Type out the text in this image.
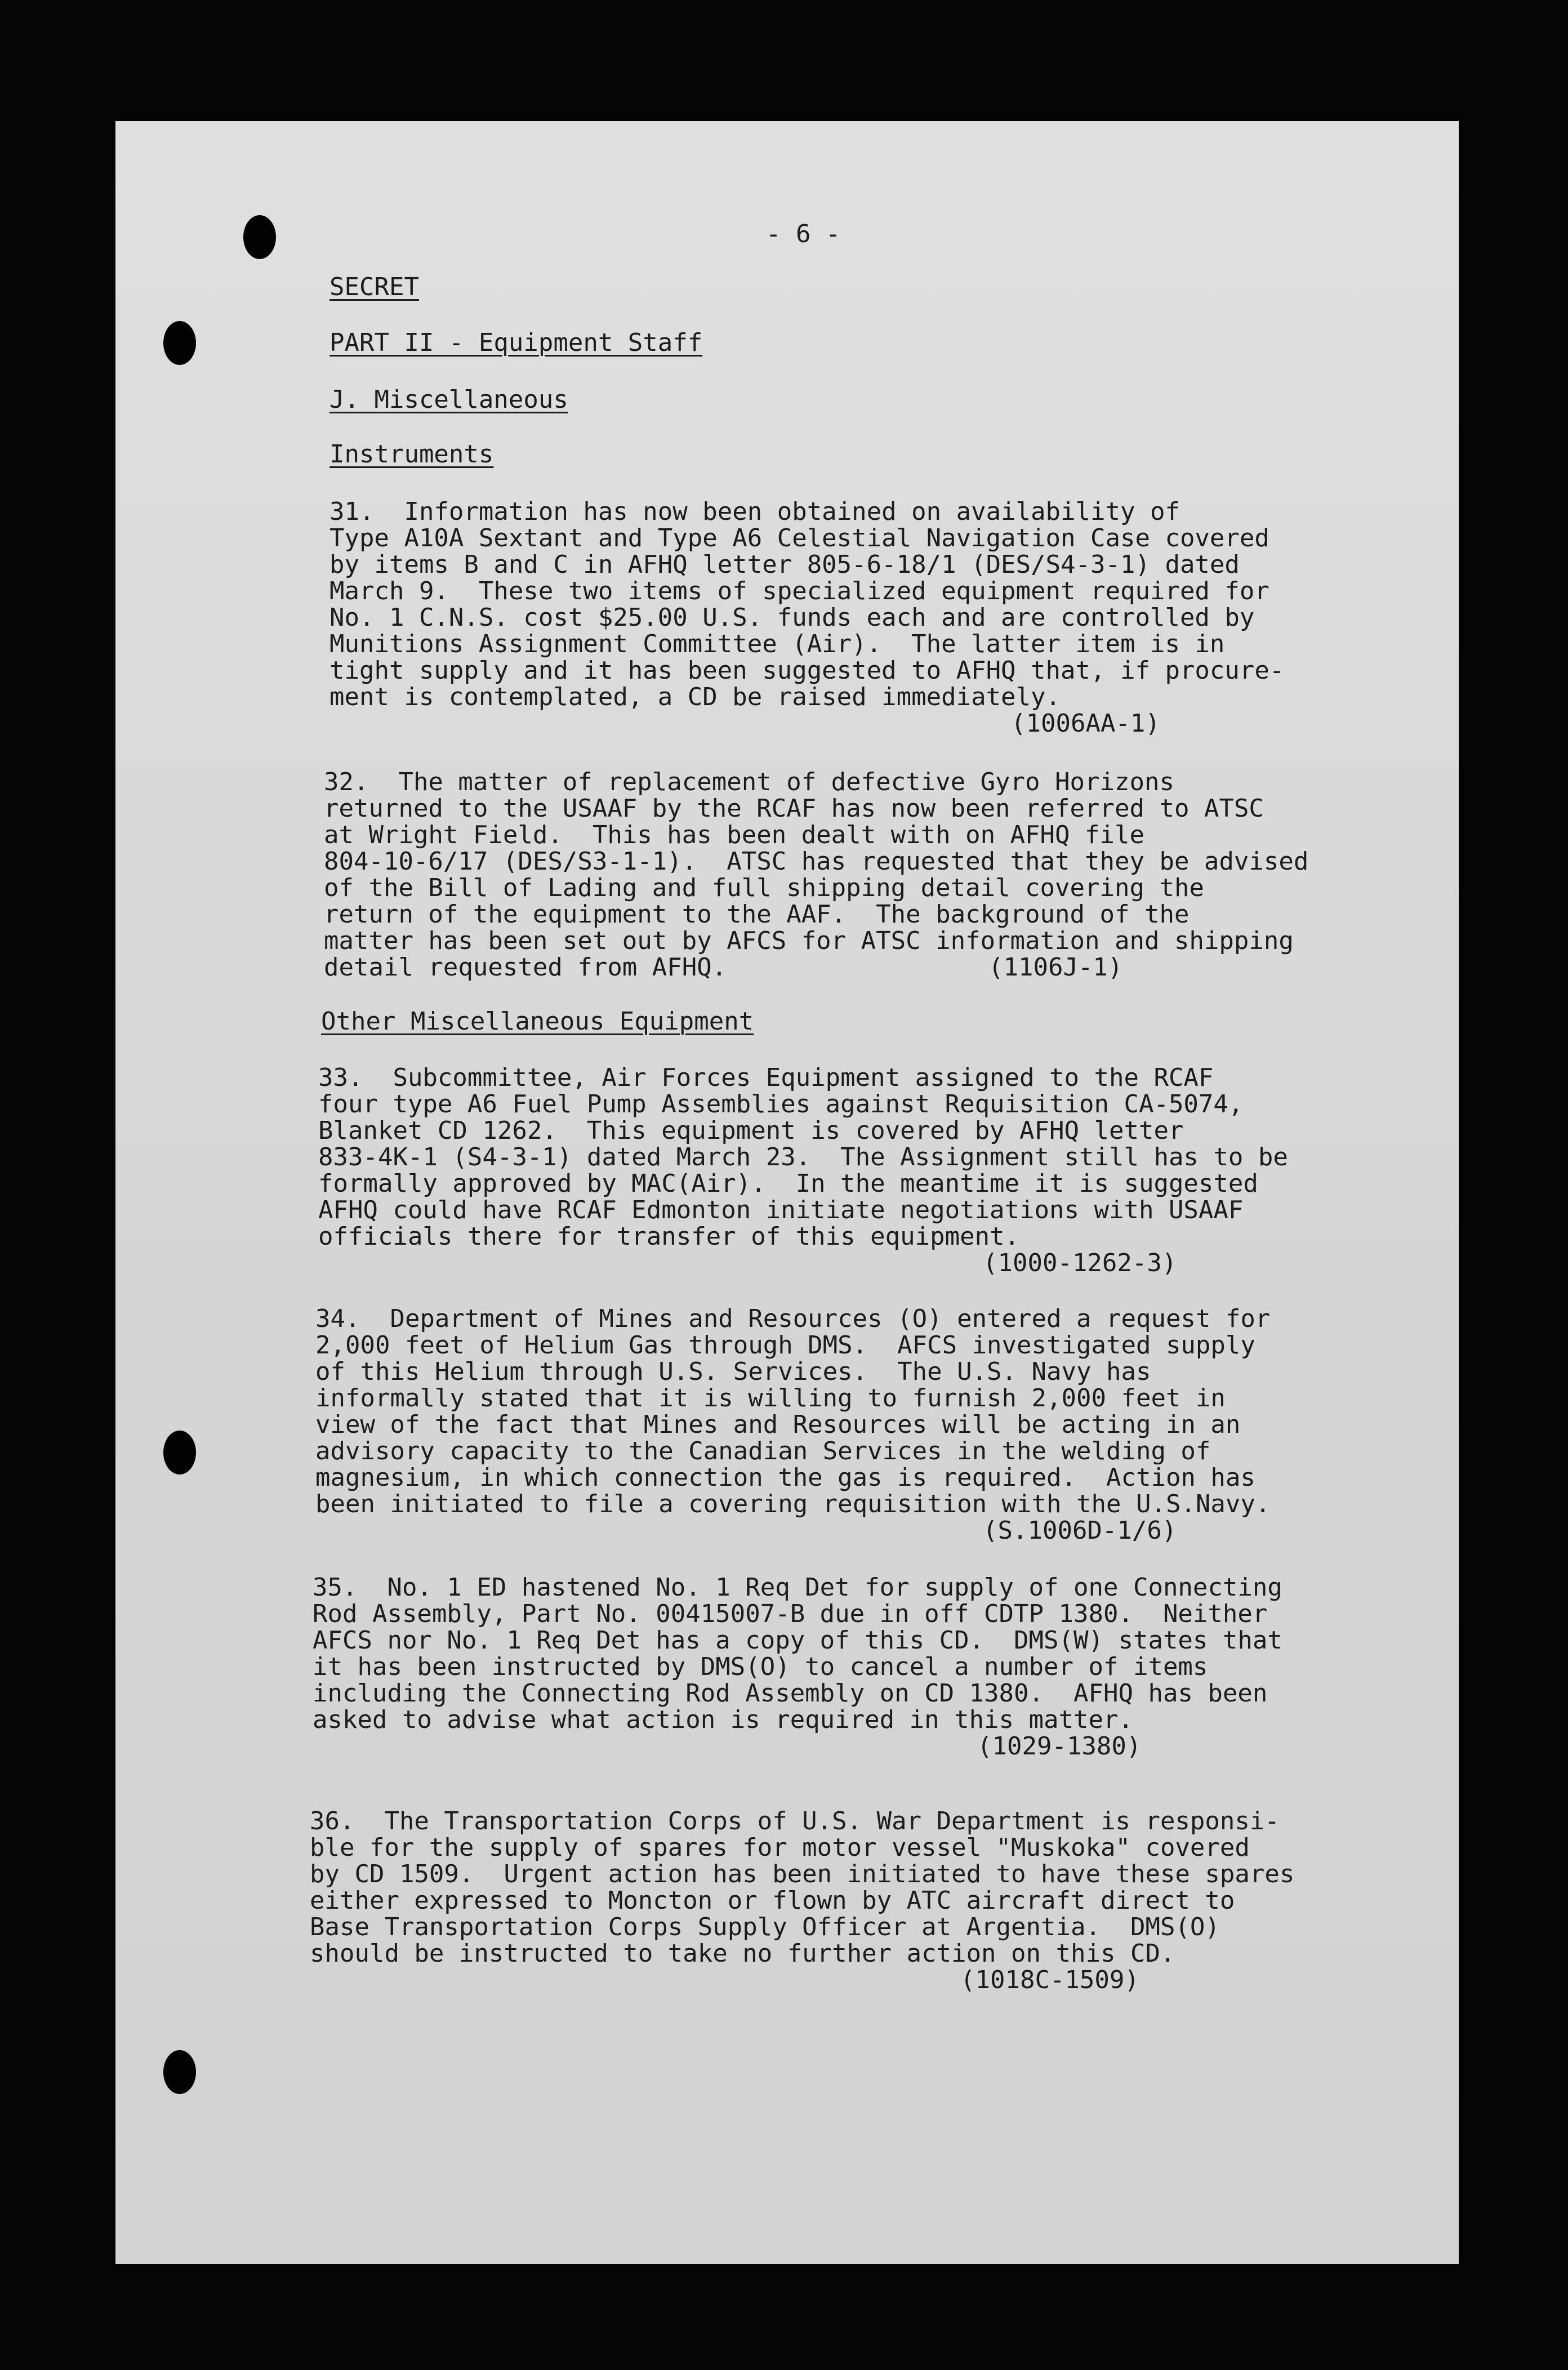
- 6 -
SECRET
PART II - Equipment Staff
J. Miscellaneous
Instruments
31.  Information has now been obtained on availability of
Type A10A Sextant and Type A6 Celestial Navigation Case covered
by items B and C in AFHQ letter 805-6-18/1 (DES/S4-3-1) dated
March 9.  These two items of specialized equipment required for
No. 1 C.N.S. cost $25.00 U.S. funds each and are controlled by
Munitions Assignment Committee (Air).  The latter item is in
tight supply and it has been suggested to AFHQ that, if procure-
ment is contemplated, a CD be raised immediately.
(1006AA-1)
32.  The matter of replacement of defective Gyro Horizons
returned to the USAAF by the RCAF has now been referred to ATSC
at Wright Field.  This has been dealt with on AFHQ file
804-10-6/17 (DES/S3-1-1).  ATSC has requested that they be advised
of the Bill of Lading and full shipping detail covering the
return of the equipment to the AAF.  The background of the
matter has been set out by AFCS for ATSC information and shipping
detail requested from AFHQ.	(1106J-1)
Other Miscellaneous Equipment
33.  Subcommittee, Air Forces Equipment assigned to the RCAF
four type A6 Fuel Pump Assemblies against Requisition CA-5074,
Blanket CD 1262.  This equipment is covered by AFHQ letter
833-4K-1 (S4-3-1) dated March 23.  The Assignment still has to be
formally approved by MAC(Air).  In the meantime it is suggested
AFHQ could have RCAF Edmonton initiate negotiations with USAAF
officials there for transfer of this equipment.
(1000-1262-3)
34.  Department of Mines and Resources (O) entered a request for
2,000 feet of Helium Gas through DMS.  AFCS investigated supply
of this Helium through U.S. Services.  The U.S. Navy has
informally stated that it is willing to furnish 2,000 feet in
view of the fact that Mines and Resources will be acting in an
advisory capacity to the Canadian Services in the welding of
magnesium, in which connection the gas is required.  Action has
been initiated to file a covering requisition with the U.S.Navy.
(S.1006D-1/6)
35.  No. 1 ED hastened No. 1 Req Det for supply of one Connecting
Rod Assembly, Part No. 00415007-B due in off CDTP 1380.  Neither
AFCS nor No. 1 Req Det has a copy of this CD.  DMS(W) states that
it has been instructed by DMS(O) to cancel a number of items
including the Connecting Rod Assembly on CD 1380.  AFHQ has been
asked to advise what action is required in this matter.
(1029-1380)
36.  The Transportation Corps of U.S. War Department is responsi-
ble for the supply of spares for motor vessel "Muskoka" covered
by CD 1509.  Urgent action has been initiated to have these spares
either expressed to Moncton or flown by ATC aircraft direct to
Base Transportation Corps Supply Officer at Argentia.  DMS(O)
should be instructed to take no further action on this CD.
(1018C-1509)
